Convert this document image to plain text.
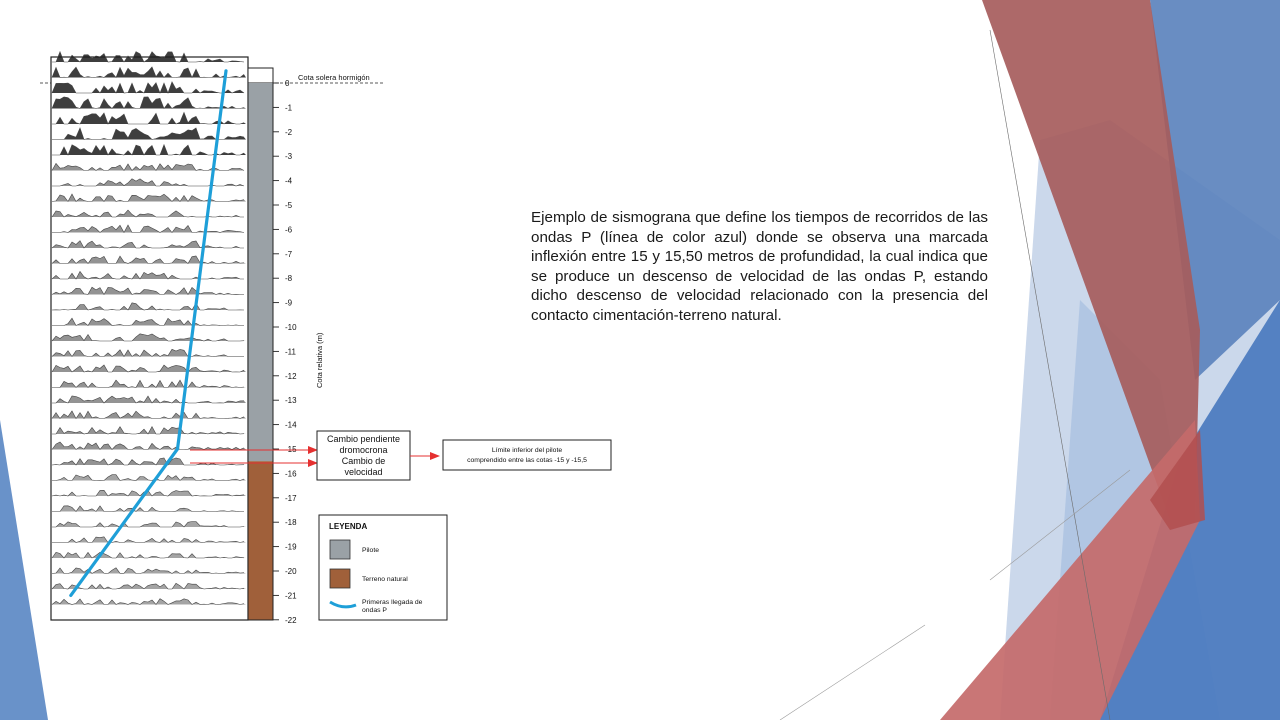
Cota solera hormigón
0
-1
-2
-3
-4
-5
-6
-7
-8
-9
-10
-11
-12
-13
-14
-15
-16
-17
-18
-19
-20
-21
-22
Cota relativa (m)
Cambio pendiente
dromocrona
Cambio de
velocidad
Límite inferior del pilote
comprendido entre las cotas -15 y -15,5
LEYENDA
Pilote
Terreno natural
Primeras llegada de ondas P

Ejemplo de sismograna que define los tiempos de recorridos de las ondas P (línea de color azul) donde se observa una marcada inflexión entre 15 y 15,50 metros de profundidad, la cual indica que se produce un descenso de velocidad de las ondas P, estando dicho descenso de velocidad relacionado con la presencia del contacto cimentación-terreno natural.
